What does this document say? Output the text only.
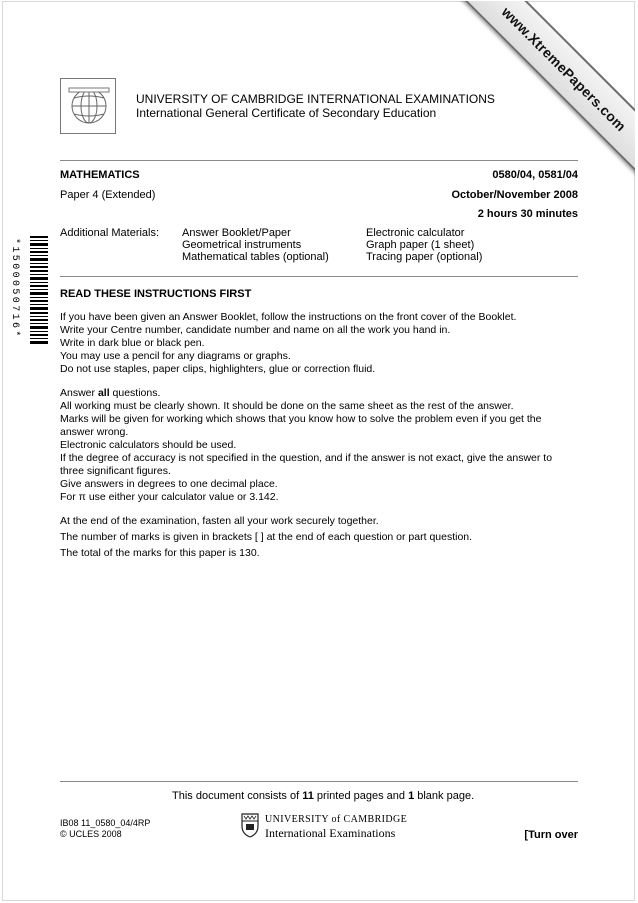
www.XtremePapers.com
*1500050716*
UNIVERSITY OF CAMBRIDGE INTERNATIONAL EXAMINATIONS
International General Certificate of Secondary Education
MATHEMATICS	0580/04, 0581/04
Paper 4 (Extended)	October/November 2008
2 hours 30 minutes
Additional Materials: Answer Booklet/Paper
Geometrical instruments
Mathematical tables (optional)
Electronic calculator
Graph paper (1 sheet)
Tracing paper (optional)
READ THESE INSTRUCTIONS FIRST

If you have been given an Answer Booklet, follow the instructions on the front cover of the Booklet.

Write your Centre number, candidate number and name on all the work you hand in.

Write in dark blue or black pen.

You may use a pencil for any diagrams or graphs.

Do not use staples, paper clips, highlighters, glue or correction fluid.

Answer all questions.

All working must be clearly shown. It should be done on the same sheet as the rest of the answer.

Marks will be given for working which shows that you know how to solve the problem even if you get the

answer wrong.

Electronic calculators should be used.

If the degree of accuracy is not specified in the question, and if the answer is not exact, give the answer to

three significant figures.

Give answers in degrees to one decimal place.

For π use either your calculator value or 3.142.

At the end of the examination, fasten all your work securely together.

The number of marks is given in brackets [ ] at the end of each question or part question.

The total of the marks for this paper is 130.

This document consists of 11 printed pages and 1 blank page.
IB08 11_0580_04/4RP
© UCLES 2008
UNIVERSITY of CAMBRIDGE
International Examinations	[Turn over
